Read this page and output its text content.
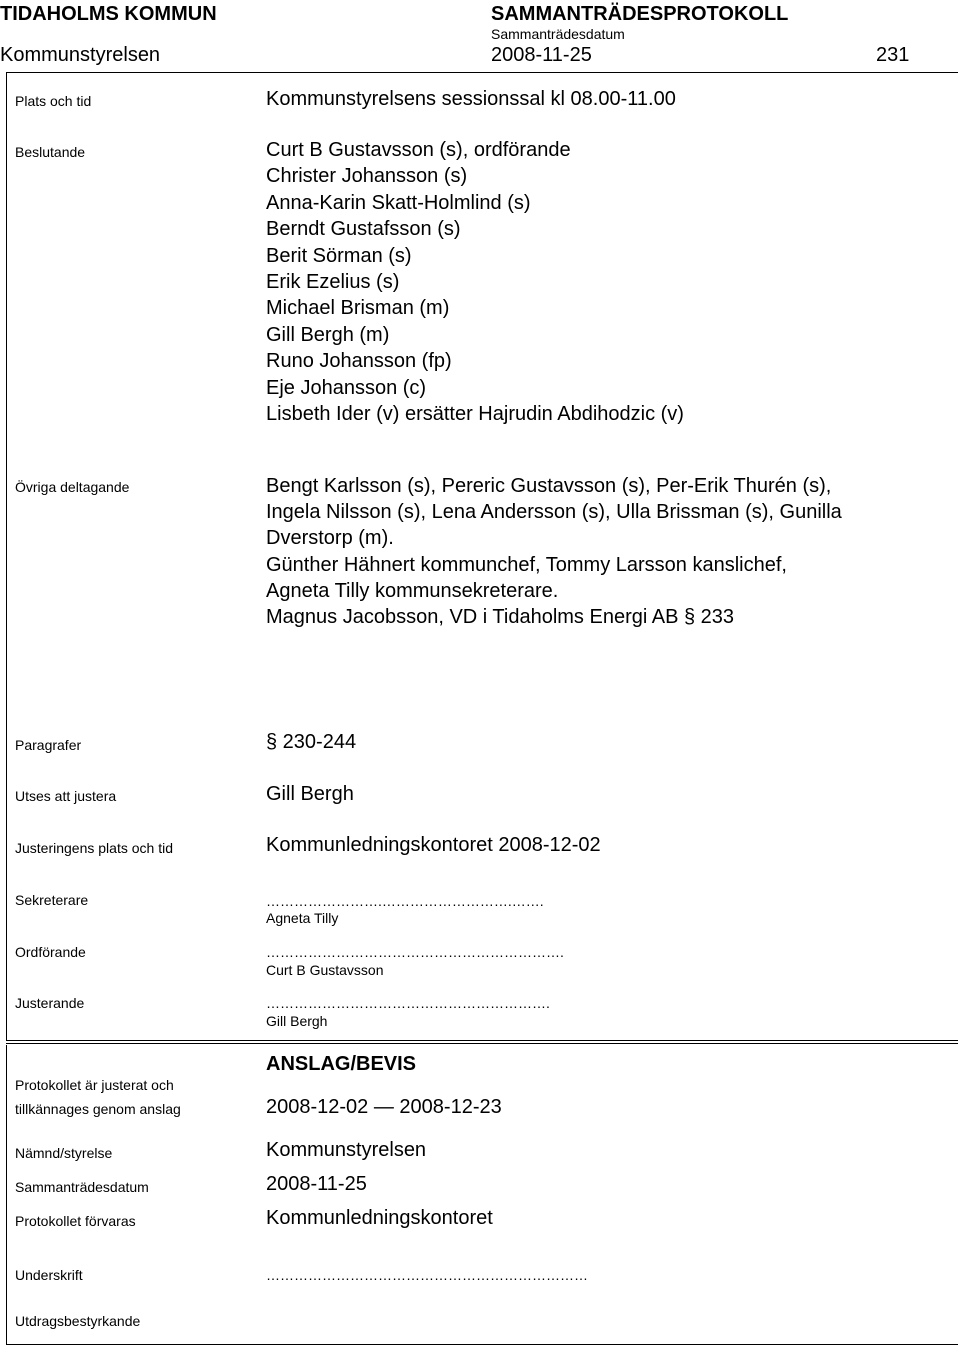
TIDAHOLMS KOMMUN	SAMMANTRÄDESPROTOKOLL
Sammanträdesdatum
Kommunstyrelsen	2008-11-25	231
Plats och tid	Kommunstyrelsens sessionssal kl 08.00-11.00
Beslutande	Curt B Gustavsson (s), ordförande
Christer Johansson (s)
Anna-Karin Skatt-Holmlind (s)
Berndt Gustafsson (s)
Berit Sörman (s)
Erik Ezelius (s)
Michael Brisman (m)
Gill Bergh (m)
Runo Johansson (fp)
Eje Johansson (c)
Lisbeth Ider (v) ersätter Hajrudin Abdihodzic (v)
Övriga deltagande	Bengt Karlsson (s), Pereric Gustavsson (s), Per-Erik Thurén (s),
Ingela Nilsson (s), Lena Andersson (s), Ulla Brissman (s), Gunilla
Dverstorp (m).
Günther Hähnert kommunchef, Tommy Larsson kanslichef,
Agneta Tilly kommunsekreterare.
Magnus Jacobsson, VD i Tidaholms Energi AB § 233
Paragrafer	§ 230-244
Utses att justera	Gill Bergh
Justeringens plats och tid	Kommunledningskontoret 2008-12-02
Sekreterare	…………………….……………………….…….
Agneta Tilly
Ordförande	……………………………………………………….
Curt B Gustavsson
Justerande	…………………………………………………….
Gill Bergh
ANSLAG/BEVIS
Protokollet är justerat och
tillkännages genom anslag	2008-12-02 — 2008-12-23
Nämnd/styrelse	Kommunstyrelsen
Sammanträdesdatum	2008-11-25
Protokollet förvaras	Kommunledningskontoret
Underskrift	……………………………………………………………
Utdragsbestyrkande
